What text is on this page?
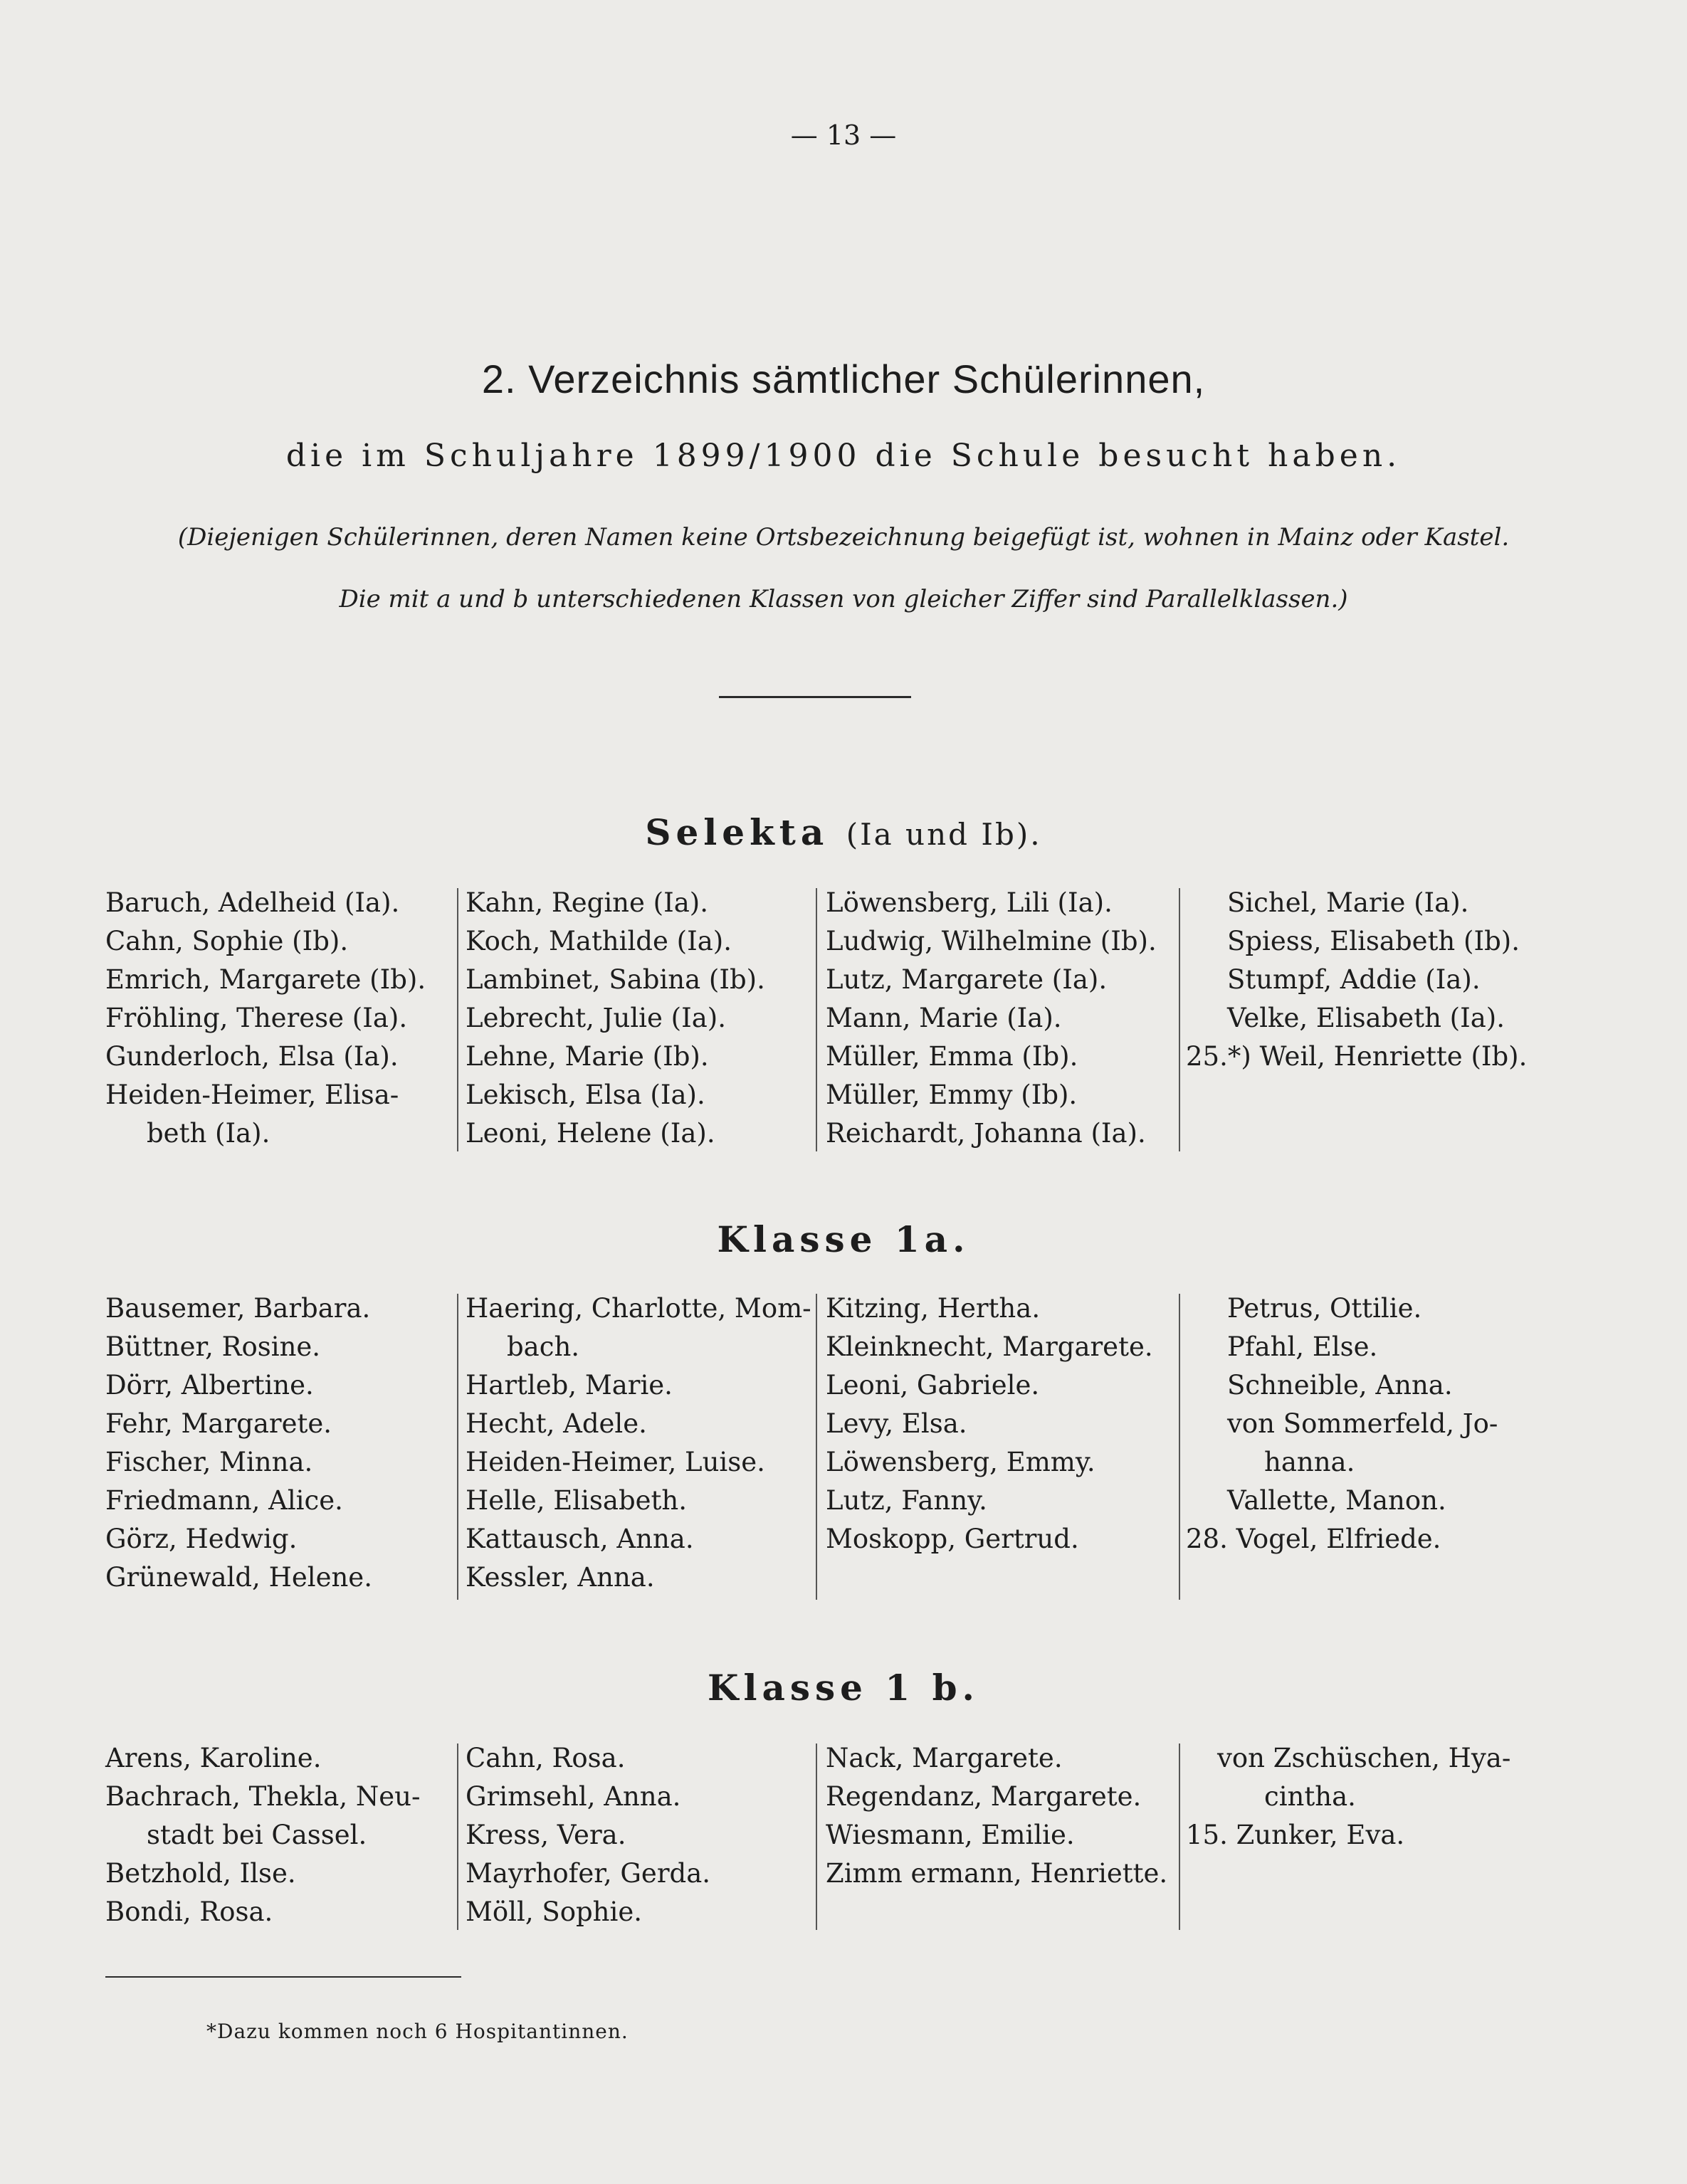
— 13 —
2. Verzeichnis sämtlicher Schülerinnen,
die im Schuljahre 1899/1900 die Schule besucht haben.
(Diejenigen Schülerinnen, deren Namen keine Ortsbezeichnung beigefügt ist, wohnen in Mainz oder Kastel.
Die mit a und b unterschiedenen Klassen von gleicher Ziffer sind Parallelklassen.)
Selekta (Ia und Ib).
Baruch, Adelheid (Ia).
Cahn, Sophie (Ib).
Emrich, Margarete (Ib).
Fröhling, Therese (Ia).
Gunderloch, Elsa (Ia).
Heiden-Heimer, Elisa-
beth (Ia).
Kahn, Regine (Ia).
Koch, Mathilde (Ia).
Lambinet, Sabina (Ib).
Lebrecht, Julie (Ia).
Lehne, Marie (Ib).
Lekisch, Elsa (Ia).
Leoni, Helene (Ia).
Löwensberg, Lili (Ia).
Ludwig, Wilhelmine (Ib).
Lutz, Margarete (Ia).
Mann, Marie (Ia).
Müller, Emma (Ib).
Müller, Emmy (Ib).
Reichardt, Johanna (Ia).
Sichel, Marie (Ia).
Spiess, Elisabeth (Ib).
Stumpf, Addie (Ia).
Velke, Elisabeth (Ia).
25.*) Weil, Henriette (Ib).
Klasse 1a.
Bausemer, Barbara.
Büttner, Rosine.
Dörr, Albertine.
Fehr, Margarete.
Fischer, Minna.
Friedmann, Alice.
Görz, Hedwig.
Grünewald, Helene.
Haering, Charlotte, Mom-
bach.
Hartleb, Marie.
Hecht, Adele.
Heiden-Heimer, Luise.
Helle, Elisabeth.
Kattausch, Anna.
Kessler, Anna.
Kitzing, Hertha.
Kleinknecht, Margarete.
Leoni, Gabriele.
Levy, Elsa.
Löwensberg, Emmy.
Lutz, Fanny.
Moskopp, Gertrud.
Petrus, Ottilie.
Pfahl, Else.
Schneible, Anna.
von Sommerfeld, Jo-
hanna.
Vallette, Manon.
28. Vogel, Elfriede.
Klasse 1 b.
Arens, Karoline.
Bachrach, Thekla, Neu-
stadt bei Cassel.
Betzhold, Ilse.
Bondi, Rosa.
Cahn, Rosa.
Grimsehl, Anna.
Kress, Vera.
Mayrhofer, Gerda.
Möll, Sophie.
Nack, Margarete.
Regendanz, Margarete.
Wiesmann, Emilie.
Zimm ermann, Henriette.
von Zschüschen, Hya-
cintha.
15. Zunker, Eva.
*Dazu kommen noch 6 Hospitantinnen.
